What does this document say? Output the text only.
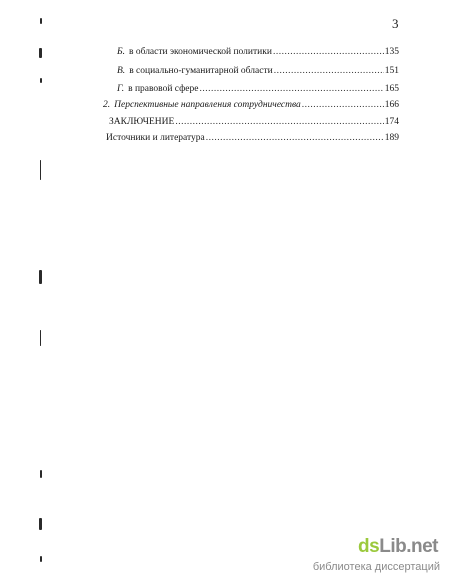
3
Б. в области экономической политики .....	135
В. в социально-гуманитарной области .....	151
Г. в правовой сфере .....	165
2. Перспективные направления сотрудничества .....	166
ЗАКЛЮЧЕНИЕ .....	174
Источники и литература .....	189
dsLib.net
библиотека диссертаций
